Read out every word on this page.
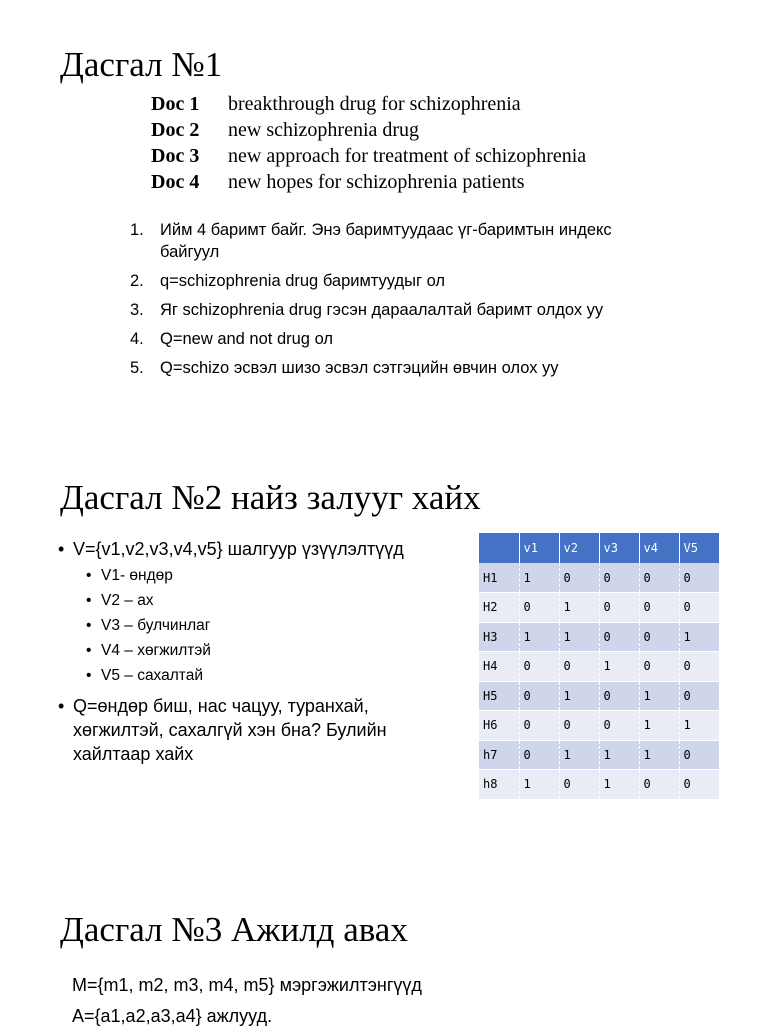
Дасгал №1
Doc 1 breakthrough drug for schizophrenia
Doc 2 new schizophrenia drug
Doc 3 new approach for treatment of schizophrenia
Doc 4 new hopes for schizophrenia patients
1. Ийм 4 баримт байг. Энэ баримтуудаас үг-баримтын индекс байгуул
2. q=schizophrenia drug баримтуудыг ол
3. Яг schizophrenia drug гэсэн дараалалтай баримт олдох уу
4. Q=new and not drug ол
5. Q=schizo эсвэл шизо эсвэл сэтгэцийн өвчин олох уу
Дасгал №2 найз залууг хайх
• V={v1,v2,v3,v4,v5} шалгуур үзүүлэлтүүд
• V1- өндөр
• V2 – ах
• V3 – булчинлаг
• V4 – хөгжилтэй
• V5 – сахалтай
• Q=өндөр биш, нас чацуу, туранхай,
хөгжилтэй, сахалгүй хэн бна? Булийн
хайлтаар хайх
	v1	v2	v3	v4	V5
H1	1	0	0	0	0
H2	0	1	0	0	0
H3	1	1	0	0	1
H4	0	0	1	0	0
H5	0	1	0	1	0
H6	0	0	0	1	1
h7	0	1	1	1	0
h8	1	0	1	0	0
Дасгал №3 Ажилд авах
M={m1, m2, m3, m4, m5} мэргэжилтэнгүүд
A={a1,a2,a3,a4} ажлууд.
